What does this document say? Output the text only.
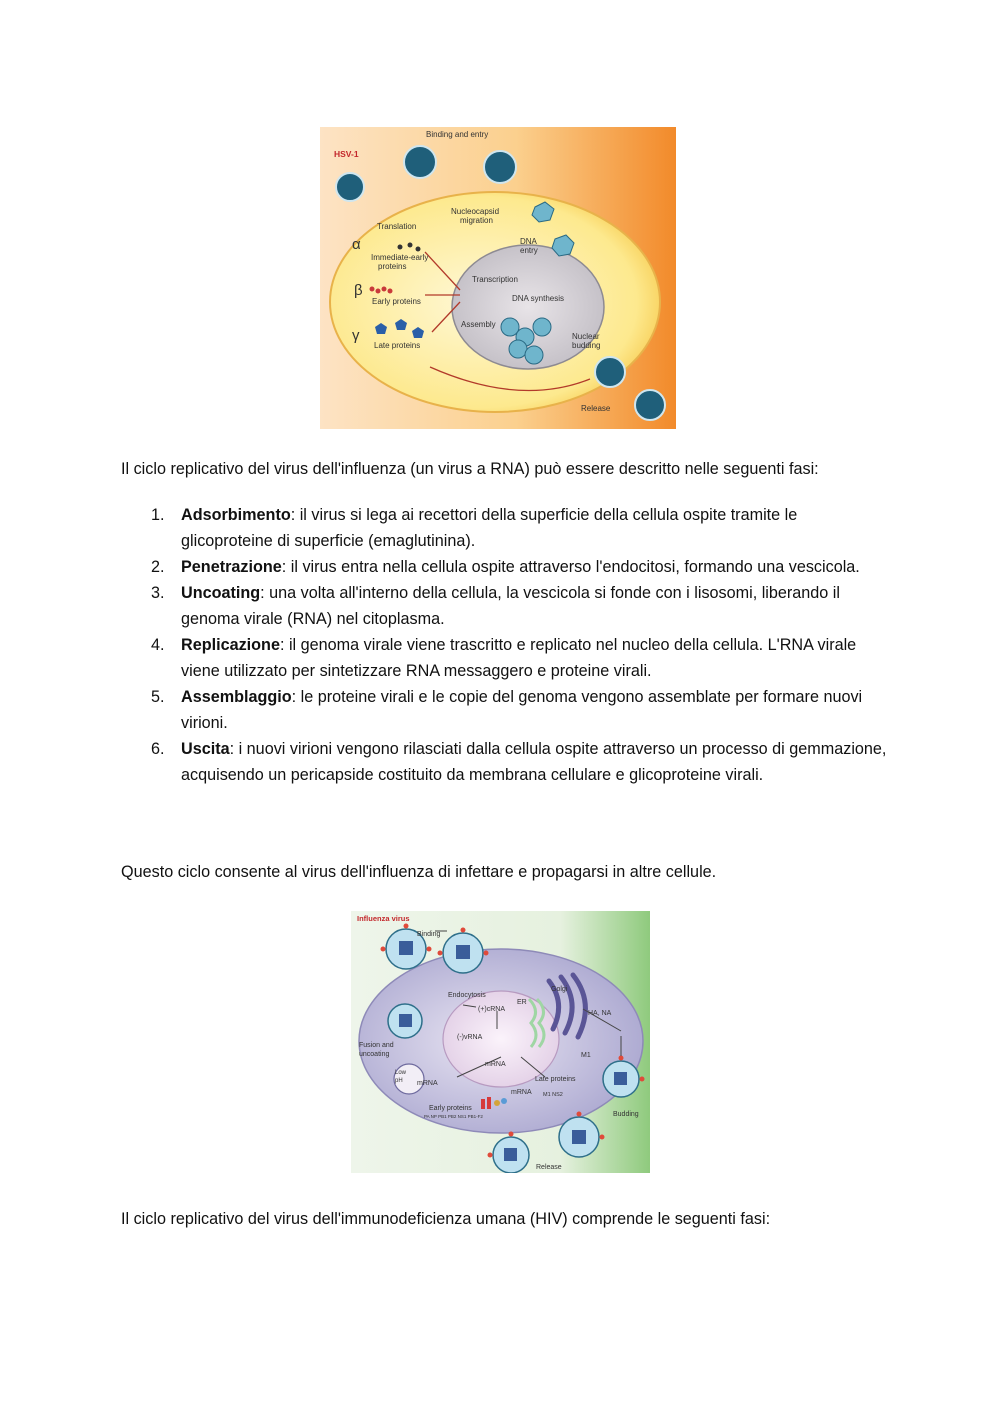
HSV-1
Binding and entry
Nucleocapsid
migration
Translation
α
β
γ
Immediate-early
proteins
Early proteins
Late proteins
DNA
entry
Transcription
DNA synthesis
Assembly
Nuclear
budding
Release

Il ciclo replicativo del virus dell'influenza (un virus a RNA) può essere descritto nelle seguenti fasi:

1. Adsorbimento: il virus si lega ai recettori della superficie della cellula ospite tramite le glicoproteine di superficie (emaglutinina).
2. Penetrazione: il virus entra nella cellula ospite attraverso l'endocitosi, formando una vescicola.
3. Uncoating: una volta all'interno della cellula, la vescicola si fonde con i lisosomi, liberando il genoma virale (RNA) nel citoplasma.
4. Replicazione: il genoma virale viene trascritto e replicato nel nucleo della cellula. L'RNA virale viene utilizzato per sintetizzare RNA messaggero e proteine virali.
5. Assemblaggio: le proteine virali e le copie del genoma vengono assemblate per formare nuovi virioni.
6. Uscita: i nuovi virioni vengono rilasciati dalla cellula ospite attraverso un processo di gemmazione, acquisendo un pericapside costituito da membrana cellulare e glicoproteine virali.

Questo ciclo consente al virus dell'influenza di infettare e propagarsi in altre cellule.

Influenza virus
Binding
Endocytosis
ER
Golgi
HA, NA
(+)cRNA
(-)vRNA
mRNA
M1
Fusion and
uncoating
Low
pH mRNA
mRNA
Late proteins
M1 NS2
Early proteins
PA NP PB1 PB2 NS1 PB1-F2	Budding
Release

Il ciclo replicativo del virus dell'immunodeficienza umana (HIV) comprende le seguenti fasi:
